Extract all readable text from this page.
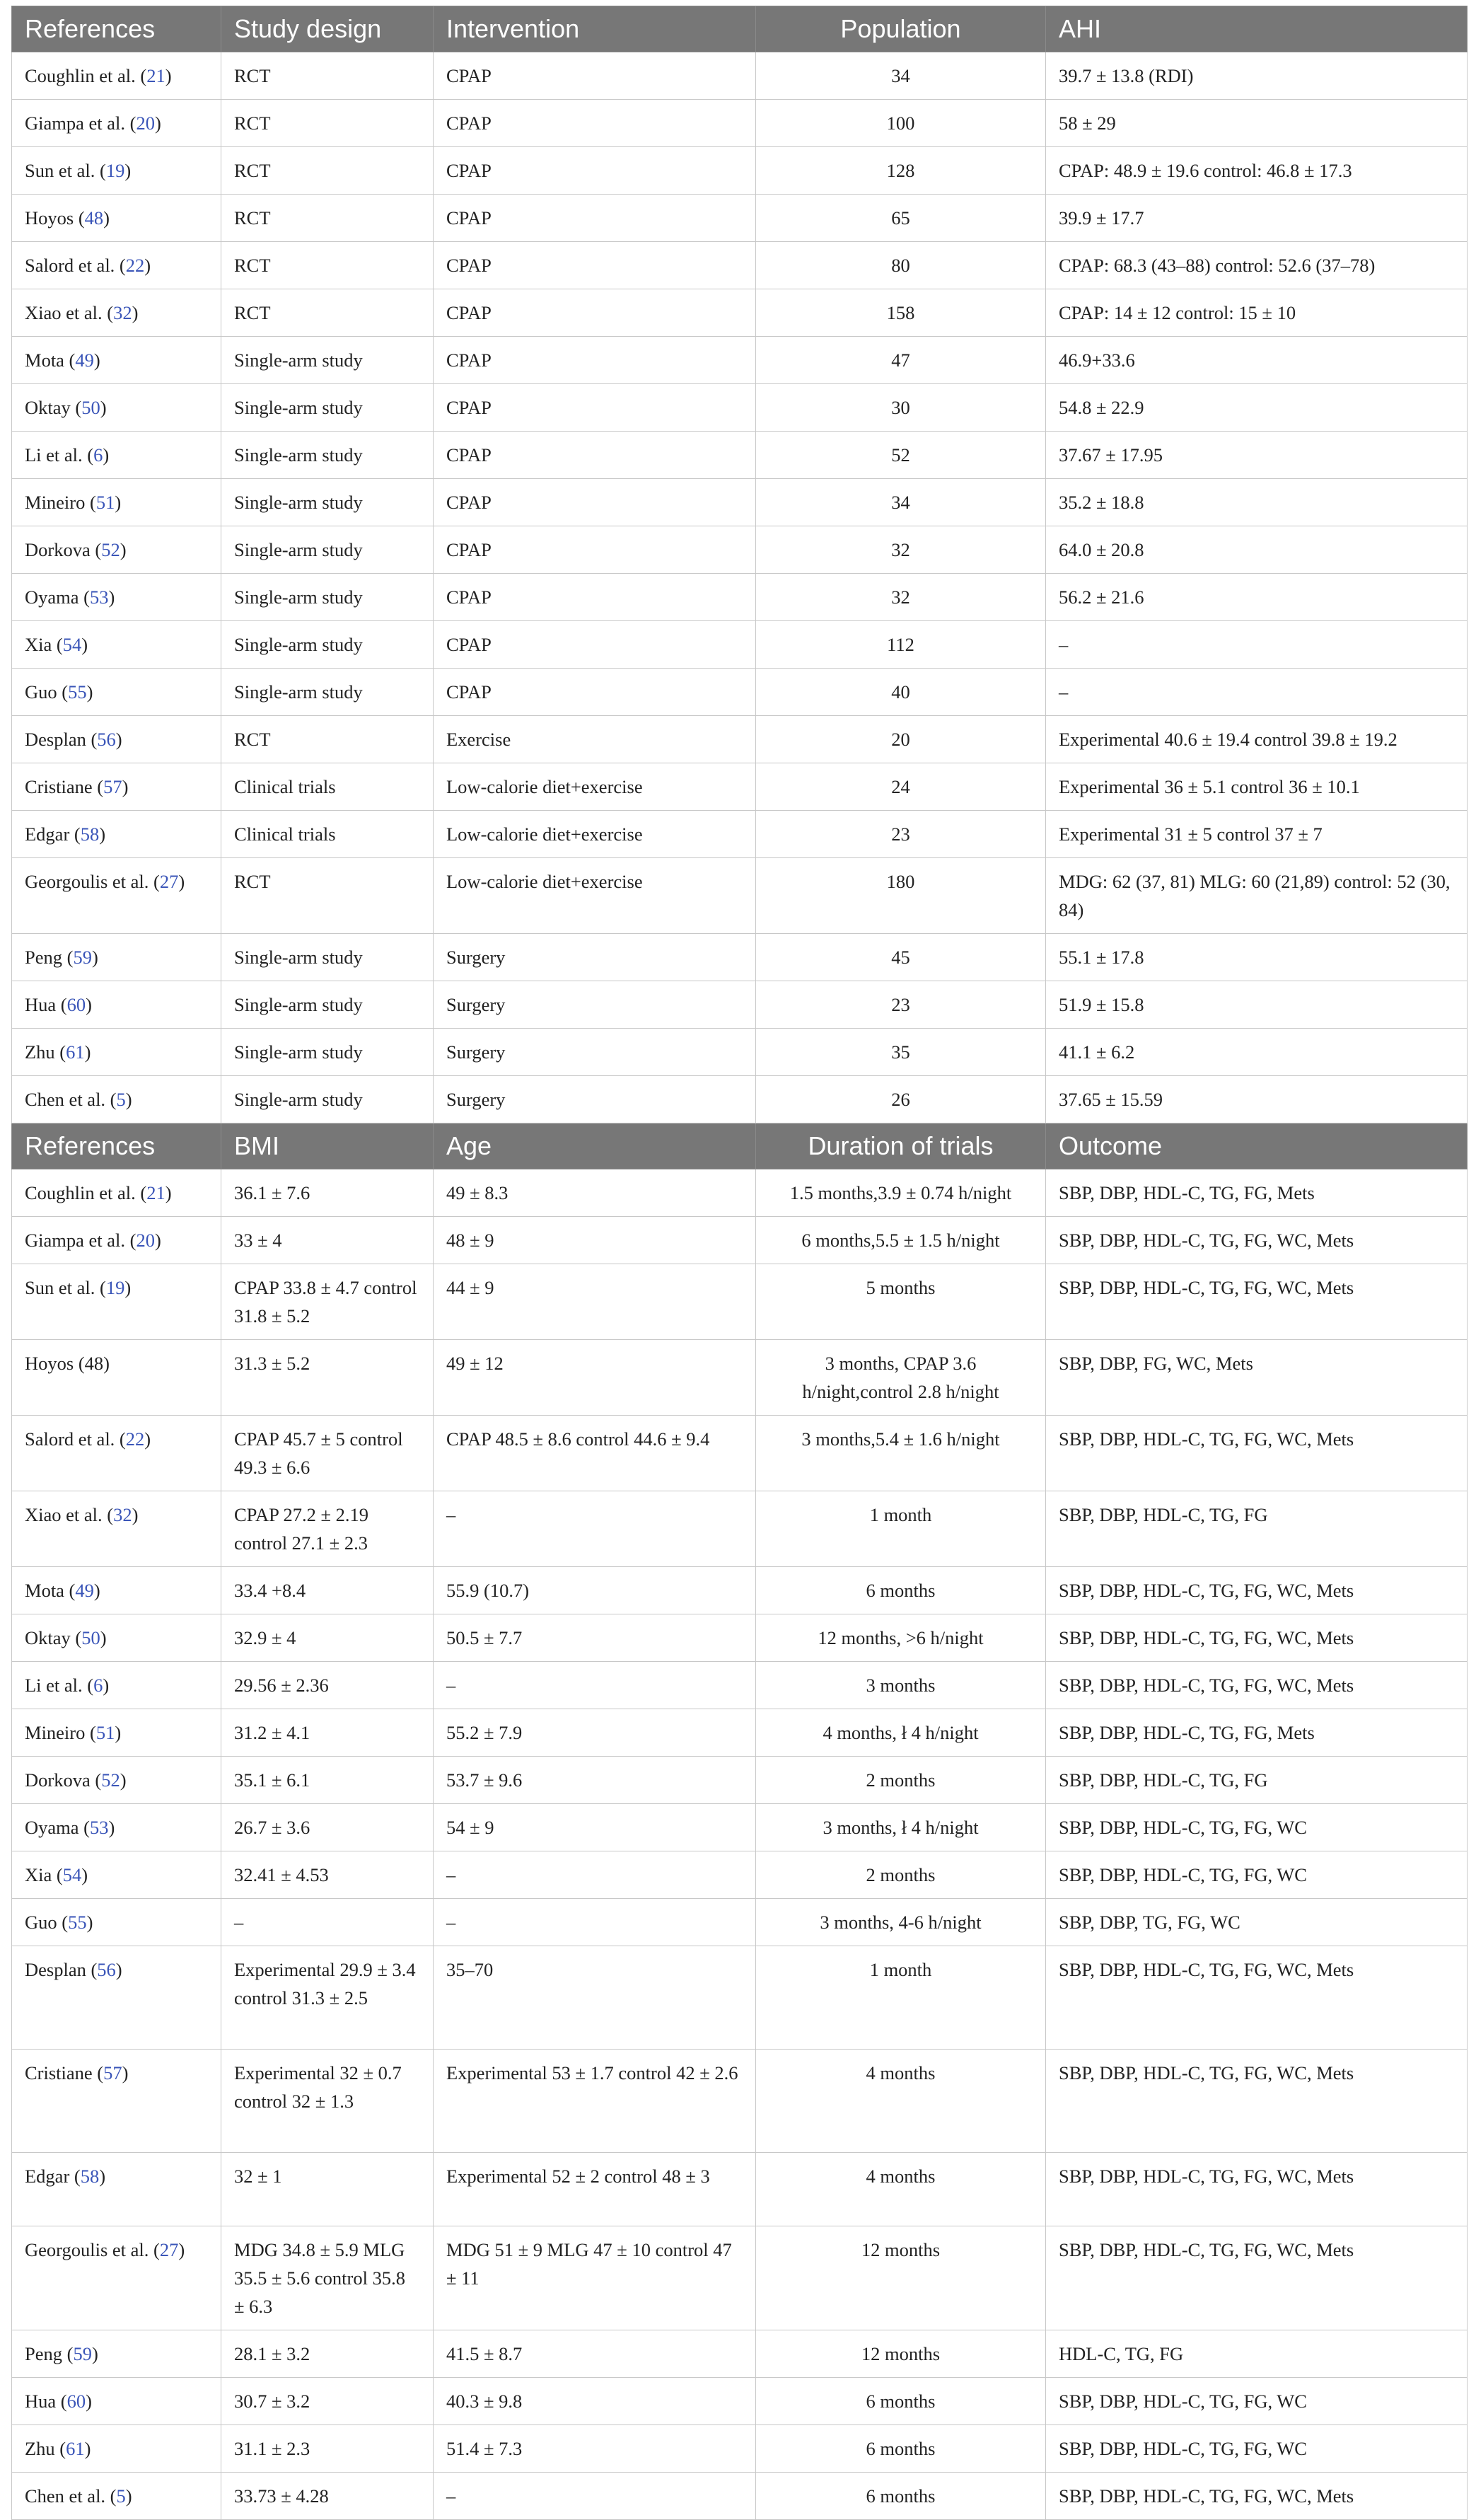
References	Study design	Intervention	Population	AHI
Coughlin et al. (21)	RCT	CPAP	34	39.7 ± 13.8 (RDI)
Giampa et al. (20)	RCT	CPAP	100	58 ± 29
Sun et al. (19)	RCT	CPAP	128	CPAP: 48.9 ± 19.6 control: 46.8 ± 17.3
Hoyos (48)	RCT	CPAP	65	39.9 ± 17.7
Salord et al. (22)	RCT	CPAP	80	CPAP: 68.3 (43–88) control: 52.6 (37–78)
Xiao et al. (32)	RCT	CPAP	158	CPAP: 14 ± 12 control: 15 ± 10
Mota (49)	Single-arm study	CPAP	47	46.9+33.6
Oktay (50)	Single-arm study	CPAP	30	54.8 ± 22.9
Li et al. (6)	Single-arm study	CPAP	52	37.67 ± 17.95
Mineiro (51)	Single-arm study	CPAP	34	35.2 ± 18.8
Dorkova (52)	Single-arm study	CPAP	32	64.0 ± 20.8
Oyama (53)	Single-arm study	CPAP	32	56.2 ± 21.6
Xia (54)	Single-arm study	CPAP	112	–
Guo (55)	Single-arm study	CPAP	40	–
Desplan (56)	RCT	Exercise	20	Experimental 40.6 ± 19.4 control 39.8 ± 19.2
Cristiane (57)	Clinical trials	Low-calorie diet+exercise	24	Experimental 36 ± 5.1 control 36 ± 10.1
Edgar (58)	Clinical trials	Low-calorie diet+exercise	23	Experimental 31 ± 5 control 37 ± 7
Georgoulis et al. (27)	RCT	Low-calorie diet+exercise	180	MDG: 62 (37, 81) MLG: 60 (21,89) control: 52 (30, 84)
Peng (59)	Single-arm study	Surgery	45	55.1 ± 17.8
Hua (60)	Single-arm study	Surgery	23	51.9 ± 15.8
Zhu (61)	Single-arm study	Surgery	35	41.1 ± 6.2
Chen et al. (5)	Single-arm study	Surgery	26	37.65 ± 15.59
References	BMI	Age	Duration of trials	Outcome
Coughlin et al. (21)	36.1 ± 7.6	49 ± 8.3	1.5 months,3.9 ± 0.74 h/night	SBP, DBP, HDL-C, TG, FG, Mets
Giampa et al. (20)	33 ± 4	48 ± 9	6 months,5.5 ± 1.5 h/night	SBP, DBP, HDL-C, TG, FG, WC, Mets
Sun et al. (19)	CPAP 33.8 ± 4.7 control 31.8 ± 5.2	44 ± 9	5 months	SBP, DBP, HDL-C, TG, FG, WC, Mets
Hoyos (48)	31.3 ± 5.2	49 ± 12	3 months, CPAP 3.6 h/night,control 2.8 h/night	SBP, DBP, FG, WC, Mets
Salord et al. (22)	CPAP 45.7 ± 5 control 49.3 ± 6.6	CPAP 48.5 ± 8.6 control 44.6 ± 9.4	3 months,5.4 ± 1.6 h/night	SBP, DBP, HDL-C, TG, FG, WC, Mets
Xiao et al. (32)	CPAP 27.2 ± 2.19 control 27.1 ± 2.3	–	1 month	SBP, DBP, HDL-C, TG, FG
Mota (49)	33.4 +8.4	55.9 (10.7)	6 months	SBP, DBP, HDL-C, TG, FG, WC, Mets
Oktay (50)	32.9 ± 4	50.5 ± 7.7	12 months, >6 h/night	SBP, DBP, HDL-C, TG, FG, WC, Mets
Li et al. (6)	29.56 ± 2.36	–	3 months	SBP, DBP, HDL-C, TG, FG, WC, Mets
Mineiro (51)	31.2 ± 4.1	55.2 ± 7.9	4 months, ł 4 h/night	SBP, DBP, HDL-C, TG, FG, Mets
Dorkova (52)	35.1 ± 6.1	53.7 ± 9.6	2 months	SBP, DBP, HDL-C, TG, FG
Oyama (53)	26.7 ± 3.6	54 ± 9	3 months, ł 4 h/night	SBP, DBP, HDL-C, TG, FG, WC
Xia (54)	32.41 ± 4.53	–	2 months	SBP, DBP, HDL-C, TG, FG, WC
Guo (55)	–	–	3 months, 4-6 h/night	SBP, DBP, TG, FG, WC
Desplan (56)	Experimental 29.9 ± 3.4 control 31.3 ± 2.5	35–70	1 month	SBP, DBP, HDL-C, TG, FG, WC, Mets
Cristiane (57)	Experimental 32 ± 0.7 control 32 ± 1.3	Experimental 53 ± 1.7 control 42 ± 2.6	4 months	SBP, DBP, HDL-C, TG, FG, WC, Mets
Edgar (58)	32 ± 1	Experimental 52 ± 2 control 48 ± 3	4 months	SBP, DBP, HDL-C, TG, FG, WC, Mets
Georgoulis et al. (27)	MDG 34.8 ± 5.9 MLG 35.5 ± 5.6 control 35.8 ± 6.3	MDG 51 ± 9 MLG 47 ± 10 control 47 ± 11	12 months	SBP, DBP, HDL-C, TG, FG, WC, Mets
Peng (59)	28.1 ± 3.2	41.5 ± 8.7	12 months	HDL-C, TG, FG
Hua (60)	30.7 ± 3.2	40.3 ± 9.8	6 months	SBP, DBP, HDL-C, TG, FG, WC
Zhu (61)	31.1 ± 2.3	51.4 ± 7.3	6 months	SBP, DBP, HDL-C, TG, FG, WC
Chen et al. (5)	33.73 ± 4.28	–	6 months	SBP, DBP, HDL-C, TG, FG, WC, Mets
